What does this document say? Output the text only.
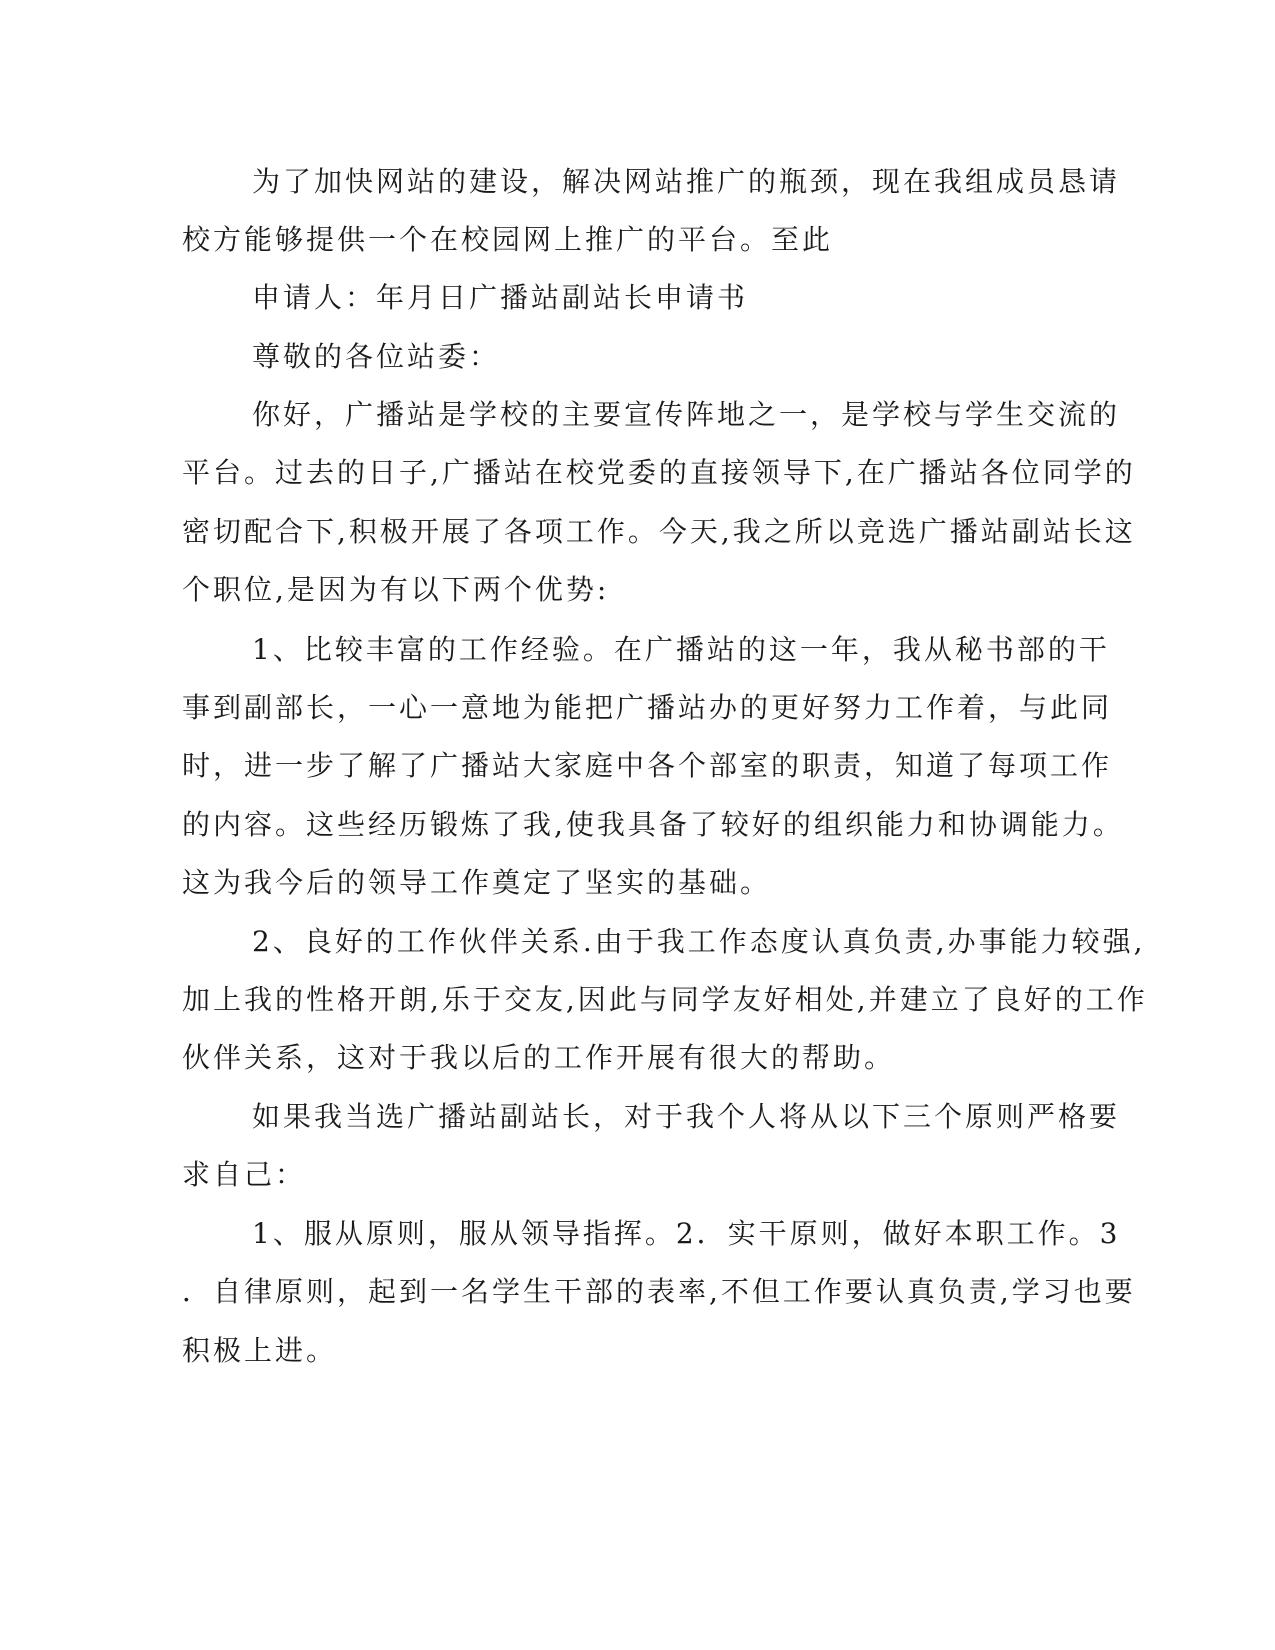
为了加快网站的建设，解决网站推广的瓶颈，现在我组成员恳请
校方能够提供一个在校园网上推广的平台。至此
申请人：年月日广播站副站长申请书
尊敬的各位站委：
你好，广播站是学校的主要宣传阵地之一，是学校与学生交流的
平台。过去的日子,广播站在校党委的直接领导下,在广播站各位同学的
密切配合下,积极开展了各项工作。今天,我之所以竞选广播站副站长这
个职位,是因为有以下两个优势:
1、比较丰富的工作经验。在广播站的这一年，我从秘书部的干
事到副部长，一心一意地为能把广播站办的更好努力工作着，与此同
时，进一步了解了广播站大家庭中各个部室的职责，知道了每项工作
的内容。这些经历锻炼了我,使我具备了较好的组织能力和协调能力。
这为我今后的领导工作奠定了坚实的基础。
2、良好的工作伙伴关系.由于我工作态度认真负责,办事能力较强,
加上我的性格开朗,乐于交友,因此与同学友好相处,并建立了良好的工作
伙伴关系，这对于我以后的工作开展有很大的帮助。
如果我当选广播站副站长，对于我个人将从以下三个原则严格要
求自己：
1、服从原则，服从领导指挥。2．实干原则，做好本职工作。3
．自律原则，起到一名学生干部的表率,不但工作要认真负责,学习也要
积极上进。
